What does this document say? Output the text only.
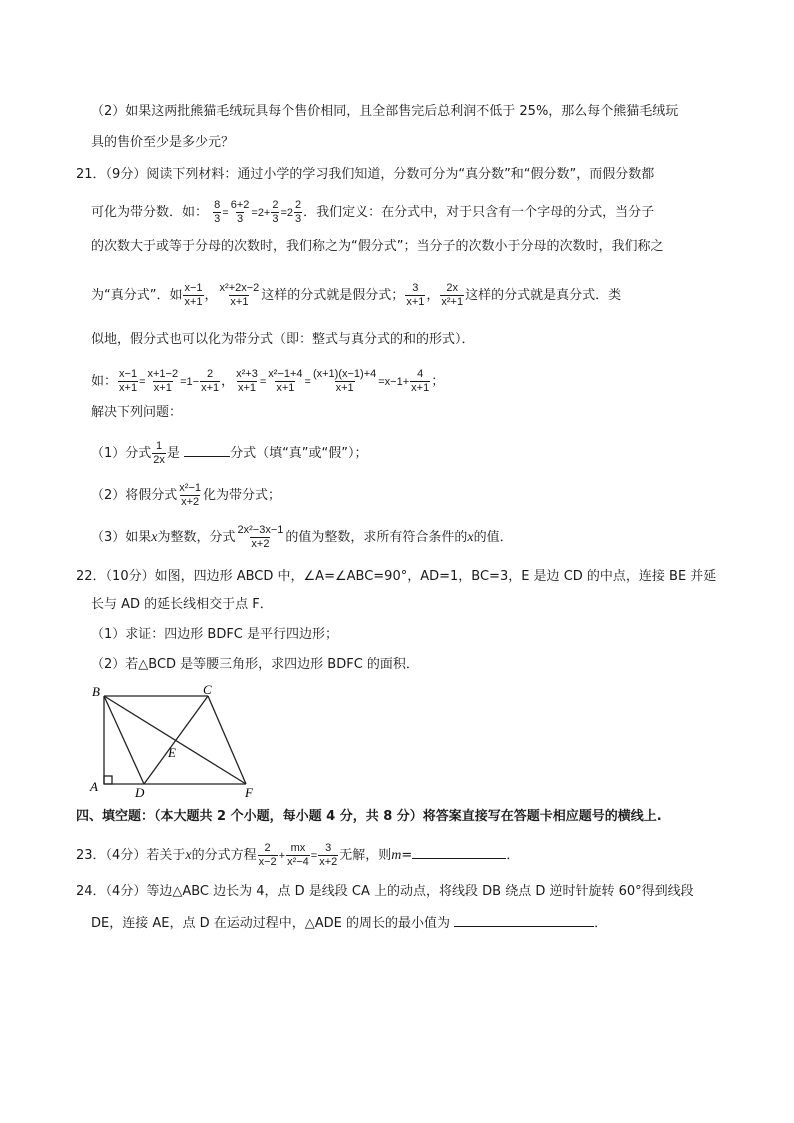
（2）如果这两批熊猫毛绒玩具每个售价相同，且全部售完后总利润不低于 25%，那么每个熊猫毛绒玩
具的售价至少是多少元？
21．（9分）阅读下列材料：通过小学的学习我们知道，分数可分为“真分数”和“假分数”，而假分数都
可化为带分数．如： $\frac{8}{3} = \frac{6+2}{3} =2+ \frac{2}{3} =2 \frac{2}{3}$ ．我们定义：在分式中，对于只含有一个字母的分式，当分子
的次数大于或等于分母的次数时，我们称之为“假分式”；当分子的次数小于分母的次数时，我们称之
为“真分式”．如 $\frac{x-1}{x+1}$ ， $\frac{\text{x²+2x−2}}{x+1}$ 这样的分式就是假分式； $\frac{3}{x+1}$ ， $\frac{2x}{\text{x²+1}}$ 这样的分式就是真分式．类
似地，假分式也可以化为带分式（即：整式与真分式的和的形式）．
如： $\frac{x-1}{x+1} = \frac{x+1-2}{x+1} =1- \frac{2}{x+1}$ ， $\frac{\text{x²+3}}{x+1} = \frac{\text{x²−1+4}}{x+1} = \frac{(x+1)(x-1)+4}{x+1} =x-1+ \frac{4}{x+1}$ ；
解决下列问题：
（1）分式 $\frac{1}{2x}$ 是	分式（填“真”或“假”）；
（2）将假分式 $\frac{\text{x²−1}}{x+2}$ 化为带分式；
（3）如果x为整数，分式 $\frac{\text{2x²−3x−1}}{x+2}$ 的值为整数，求所有符合条件的x的值．
22．（10分）如图，四边形 ABCD 中，∠A=∠ABC=90°，AD=1，BC=3，E 是边 CD 的中点，连接 BE 并延
长与 AD 的延长线相交于点 F．
（1）求证：四边形 BDFC 是平行四边形；
（2）若△BCD 是等腰三角形，求四边形 BDFC 的面积．
B	C
E
A	D	F
四、填空题：（本大题共 2 个小题，每小题 4 分，共 8 分）将答案直接写在答题卡相应题号的横线上.
23．（4分）若关于x的分式方程 $\frac{2}{x-2} + \frac{mx}{\text{x²−4}} = \frac{3}{x+2}$ 无解，则m=	．
24．（4分）等边△ABC 边长为 4，点 D 是线段 CA 上的动点，将线段 DB 绕点 D 逆时针旋转 60°得到线段
DE，连接 AE，点 D 在运动过程中，△ADE 的周长的最小值为	．
